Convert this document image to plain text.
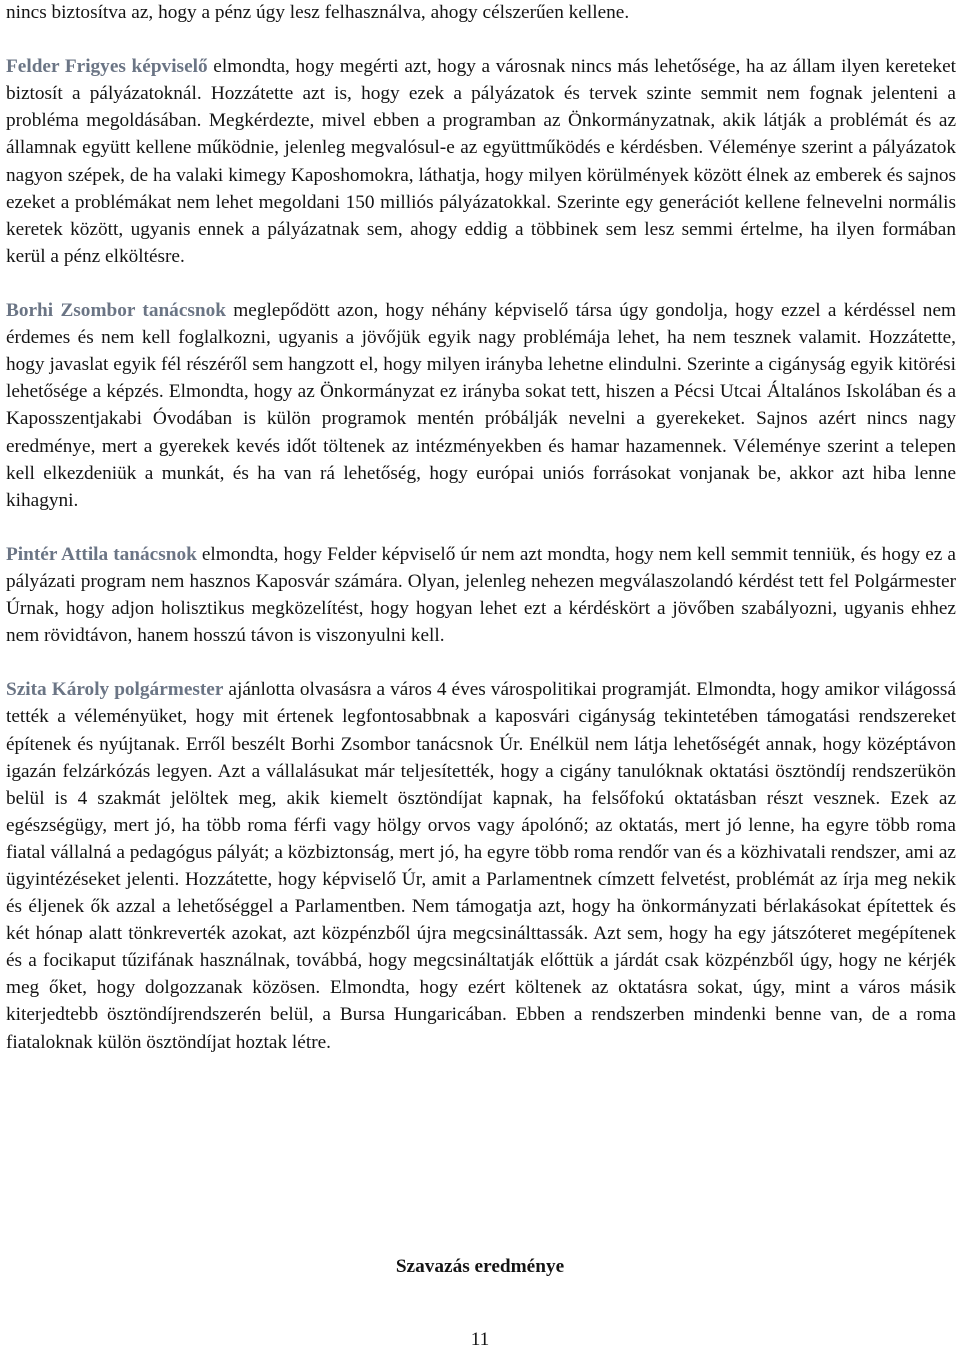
nincs biztosítva az, hogy a pénz úgy lesz felhasználva, ahogy célszerűen kellene.

Felder Frigyes képviselő elmondta, hogy megérti azt, hogy a városnak nincs más lehetősége, ha az állam ilyen kereteket biztosít a pályázatoknál. Hozzátette azt is, hogy ezek a pályázatok és tervek szinte semmit nem fognak jelenteni a probléma megoldásában. Megkérdezte, mivel ebben a programban az Önkormányzatnak, akik látják a problémát és az államnak együtt kellene működnie, jelenleg megvalósul-e az együttműködés e kérdésben. Véleménye szerint a pályázatok nagyon szépek, de ha valaki kimegy Kaposhomokra, láthatja, hogy milyen körülmények között élnek az emberek és sajnos ezeket a problémákat nem lehet megoldani 150 milliós pályázatokkal. Szerinte egy generációt kellene felnevelni normális keretek között, ugyanis ennek a pályázatnak sem, ahogy eddig a többinek sem lesz semmi értelme, ha ilyen formában kerül a pénz elköltésre.

Borhi Zsombor tanácsnok meglepődött azon, hogy néhány képviselő társa úgy gondolja, hogy ezzel a kérdéssel nem érdemes és nem kell foglalkozni, ugyanis a jövőjük egyik nagy problémája lehet, ha nem tesznek valamit. Hozzátette, hogy javaslat egyik fél részéről sem hangzott el, hogy milyen irányba lehetne elindulni. Szerinte a cigányság egyik kitörési lehetősége a képzés. Elmondta, hogy az Önkormányzat ez irányba sokat tett, hiszen a Pécsi Utcai Általános Iskolában és a Kaposszentjakabi Óvodában is külön programok mentén próbálják nevelni a gyerekeket. Sajnos azért nincs nagy eredménye, mert a gyerekek kevés időt töltenek az intézményekben és hamar hazamennek. Véleménye szerint a telepen kell elkezdeniük a munkát, és ha van rá lehetőség, hogy európai uniós forrásokat vonjanak be, akkor azt hiba lenne kihagyni.

Pintér Attila tanácsnok elmondta, hogy Felder képviselő úr nem azt mondta, hogy nem kell semmit tenniük, és hogy ez a pályázati program nem hasznos Kaposvár számára. Olyan, jelenleg nehezen megválaszolandó kérdést tett fel Polgármester Úrnak, hogy adjon holisztikus megközelítést, hogy hogyan lehet ezt a kérdéskört a jövőben szabályozni, ugyanis ehhez nem rövidtávon, hanem hosszú távon is viszonyulni kell.

Szita Károly polgármester ajánlotta olvasásra a város 4 éves várospolitikai programját. Elmondta, hogy amikor világossá tették a véleményüket, hogy mit értenek legfontosabbnak a kaposvári cigányság tekintetében támogatási rendszereket építenek és nyújtanak. Erről beszélt Borhi Zsombor tanácsnok Úr. Enélkül nem látja lehetőségét annak, hogy középtávon igazán felzárkózás legyen. Azt a vállalásukat már teljesítették, hogy a cigány tanulóknak oktatási ösztöndíj rendszerükön belül is 4 szakmát jelöltek meg, akik kiemelt ösztöndíjat kapnak, ha felsőfokú oktatásban részt vesznek. Ezek az egészségügy, mert jó, ha több roma férfi vagy hölgy orvos vagy ápolónő; az oktatás, mert jó lenne, ha egyre több roma fiatal vállalná a pedagógus pályát; a közbiztonság, mert jó, ha egyre több roma rendőr van és a közhivatali rendszer, ami az ügyintézéseket jelenti. Hozzátette, hogy képviselő Úr, amit a Parlamentnek címzett felvetést, problémát az írja meg nekik és éljenek ők azzal a lehetőséggel a Parlamentben. Nem támogatja azt, hogy ha önkormányzati bérlakásokat építettek és két hónap alatt tönkreverték azokat, azt közpénzből újra megcsinálttassák. Azt sem, hogy ha egy játszóteret megépítenek és a focikaput tűzifának használnak, továbbá, hogy megcsináltatják előttük a járdát csak közpénzből úgy, hogy ne kérjék meg őket, hogy dolgozzanak közösen. Elmondta, hogy ezért költenek az oktatásra sokat, úgy, mint a város másik kiterjedtebb ösztöndíjrendszerén belül, a Bursa Hungaricában. Ebben a rendszerben mindenki benne van, de a roma fiataloknak külön ösztöndíjat hoztak létre.

Szavazás eredménye

11
